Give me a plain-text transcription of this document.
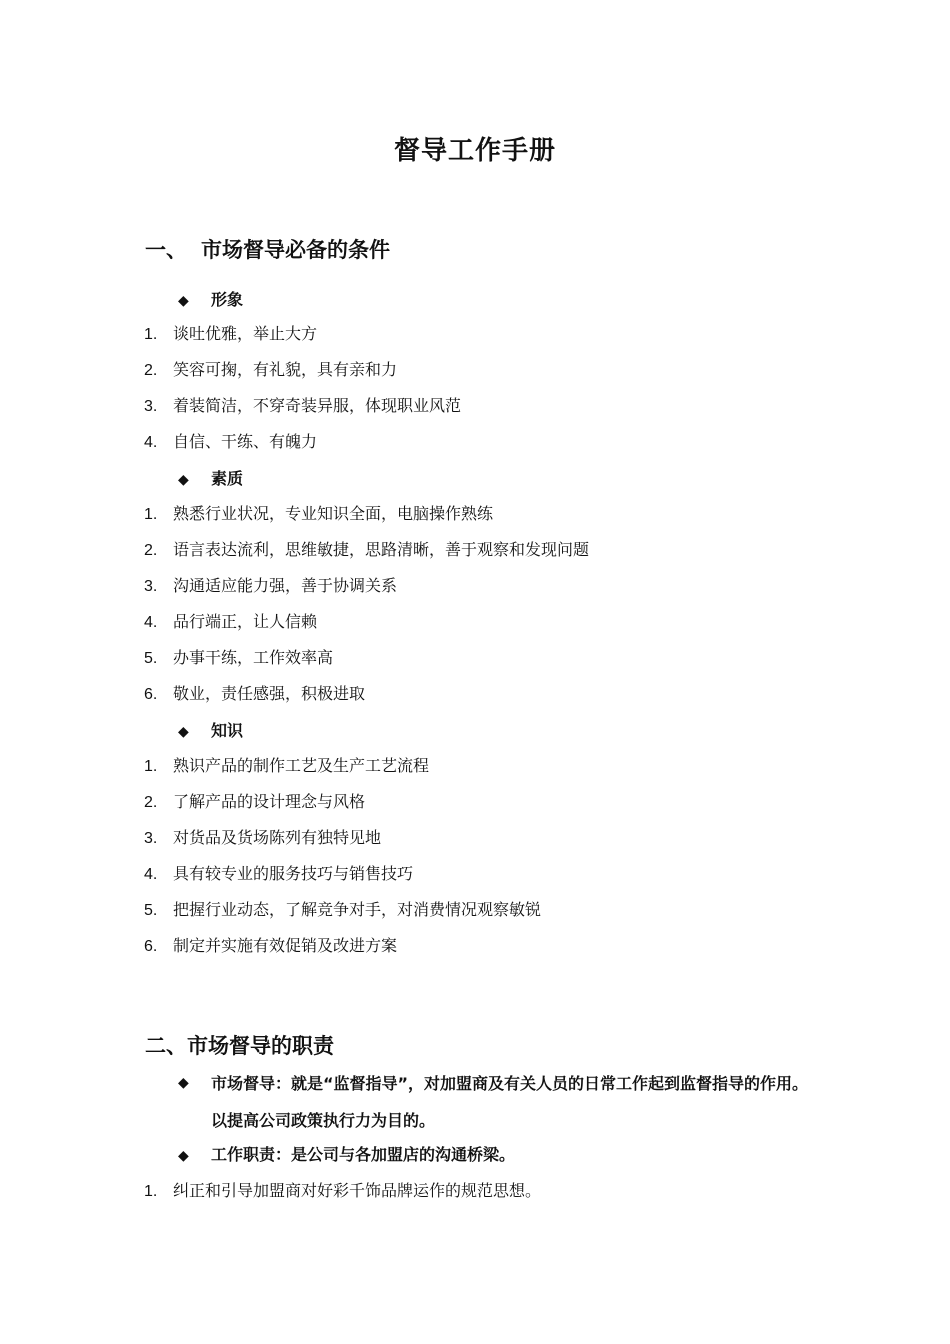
督导工作手册
一、 市场督导必备的条件
◆ 形象
1. 谈吐优雅，举止大方
2. 笑容可掬，有礼貌，具有亲和力
3. 着装简洁，不穿奇装异服，体现职业风范
4. 自信、干练、有魄力
◆ 素质
1. 熟悉行业状况，专业知识全面，电脑操作熟练
2. 语言表达流利，思维敏捷，思路清晰，善于观察和发现问题
3. 沟通适应能力强，善于协调关系
4. 品行端正，让人信赖
5. 办事干练，工作效率高
6. 敬业，责任感强，积极进取
◆ 知识
1. 熟识产品的制作工艺及生产工艺流程
2. 了解产品的设计理念与风格
3. 对货品及货场陈列有独特见地
4. 具有较专业的服务技巧与销售技巧
5. 把握行业动态，了解竞争对手，对消费情况观察敏锐
6. 制定并实施有效促销及改进方案
二、市场督导的职责
◆ 市场督导：就是“监督指导”，对加盟商及有关人员的日常工作起到监督指导的作用。以提高公司政策执行力为目的。
◆ 工作职责：是公司与各加盟店的沟通桥梁。
1. 纠正和引导加盟商对好彩千饰品牌运作的规范思想。
